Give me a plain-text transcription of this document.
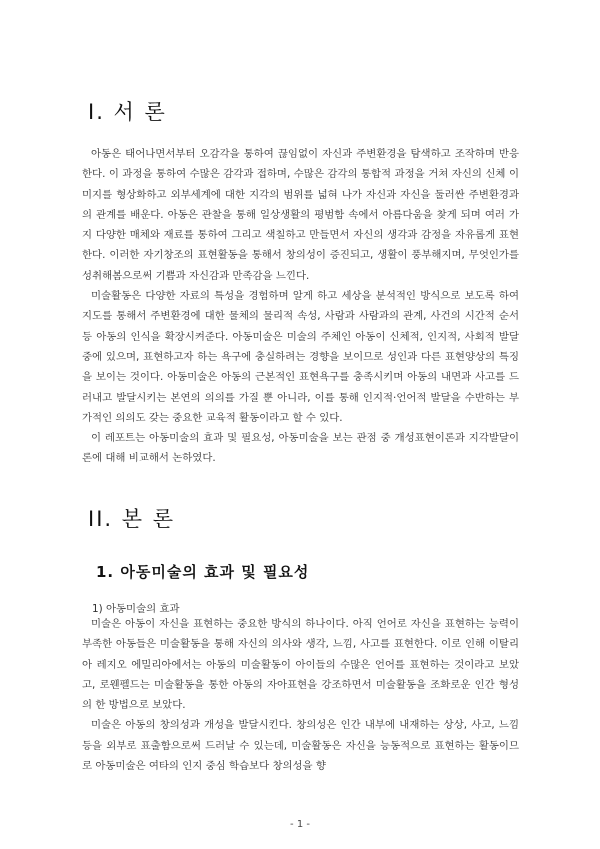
I. 서 론

아동은 태어나면서부터 오감각을 통하여 끊임없이 자신과 주변환경을 탐색하고 조작하며 반응한다. 이 과정을 통하여 수많은 감각과 접하며, 수많은 감각의 통합적 과정을 거쳐 자신의 신체 이미지를 형상화하고 외부세계에 대한 지각의 범위를 넓혀 나가 자신과 자신을 둘러싼 주변환경과의 관계를 배운다. 아동은 관찰을 통해 일상생활의 평범함 속에서 아름다움을 찾게 되며 여러 가지 다양한 매체와 재료를 통하여 그리고 색칠하고 만들면서 자신의 생각과 감정을 자유롭게 표현한다. 이러한 자기창조의 표현활동을 통해서 창의성이 증진되고, 생활이 풍부해지며, 무엇인가를 성취해봄으로써 기쁨과 자신감과 만족감을 느낀다.

미술활동은 다양한 자료의 특성을 경험하며 알게 하고 세상을 분석적인 방식으로 보도록 하여 지도를 통해서 주변환경에 대한 물체의 물리적 속성, 사람과 사람과의 관계, 사건의 시간적 순서 등 아동의 인식을 확장시켜준다. 아동미술은 미술의 주체인 아동이 신체적, 인지적, 사회적 발달 중에 있으며, 표현하고자 하는 욕구에 충실하려는 경향을 보이므로 성인과 다른 표현양상의 특징을 보이는 것이다. 아동미술은 아동의 근본적인 표현욕구를 충족시키며 아동의 내면과 사고를 드러내고 발달시키는 본연의 의의를 가질 뿐 아니라, 이를 통해 인지적·언어적 발달을 수반하는 부가적인 의의도 갖는 중요한 교육적 활동이라고 할 수 있다.

이 레포트는 아동미술의 효과 및 필요성, 아동미술을 보는 관점 중 개성표현이론과 지각발달이론에 대해 비교해서 논하였다.

II. 본 론
1. 아동미술의 효과 및 필요성
1) 아동미술의 효과

미술은 아동이 자신을 표현하는 중요한 방식의 하나이다. 아직 언어로 자신을 표현하는 능력이 부족한 아동들은 미술활동을 통해 자신의 의사와 생각, 느낌, 사고를 표현한다. 이로 인해 이탈리아 레지오 에밀리아에서는 아동의 미술활동이 아이들의 수많은 언어를 표현하는 것이라고 보았고, 로웬펠드는 미술활동을 통한 아동의 자아표현을 강조하면서 미술활동을 조화로운 인간 형성의 한 방법으로 보았다.

미술은 아동의 창의성과 개성을 발달시킨다. 창의성은 인간 내부에 내재하는 상상, 사고, 느낌 등을 외부로 표출함으로써 드러날 수 있는데, 미술활동은 자신을 능동적으로 표현하는 활동이므로 아동미술은 여타의 인지 중심 학습보다 창의성을 향

- 1 -
